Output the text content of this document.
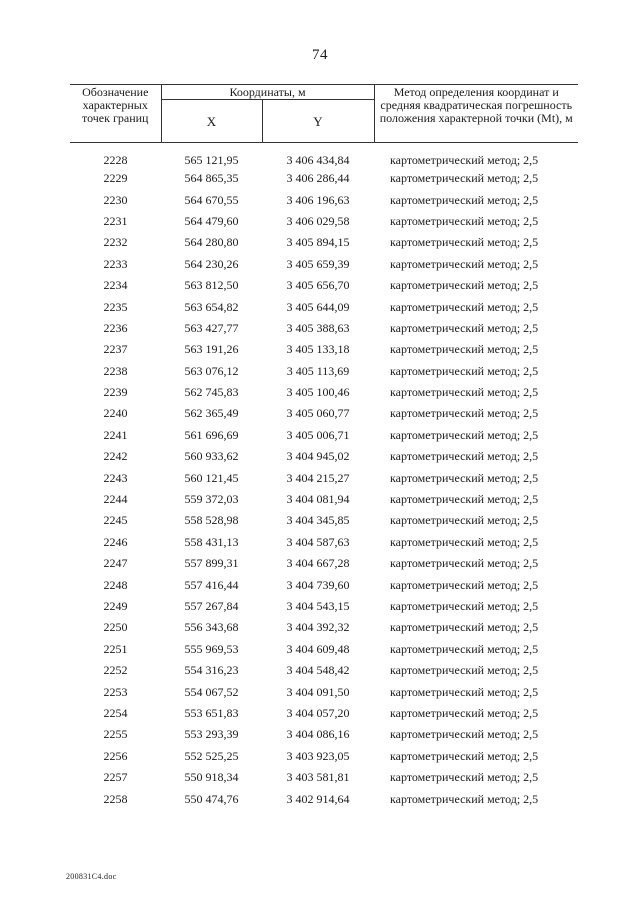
74
Обозначение характерных точек границ	Координаты, м		Метод определения координат и средняя квадратическая погрешность положения характерной точки (Mt), м
	X	Y	
2228	565 121,95	3 406 434,84	картометрический метод; 2,5
2229	564 865,35	3 406 286,44	картометрический метод; 2,5
2230	564 670,55	3 406 196,63	картометрический метод; 2,5
2231	564 479,60	3 406 029,58	картометрический метод; 2,5
2232	564 280,80	3 405 894,15	картометрический метод; 2,5
2233	564 230,26	3 405 659,39	картометрический метод; 2,5
2234	563 812,50	3 405 656,70	картометрический метод; 2,5
2235	563 654,82	3 405 644,09	картометрический метод; 2,5
2236	563 427,77	3 405 388,63	картометрический метод; 2,5
2237	563 191,26	3 405 133,18	картометрический метод; 2,5
2238	563 076,12	3 405 113,69	картометрический метод; 2,5
2239	562 745,83	3 405 100,46	картометрический метод; 2,5
2240	562 365,49	3 405 060,77	картометрический метод; 2,5
2241	561 696,69	3 405 006,71	картометрический метод; 2,5
2242	560 933,62	3 404 945,02	картометрический метод; 2,5
2243	560 121,45	3 404 215,27	картометрический метод; 2,5
2244	559 372,03	3 404 081,94	картометрический метод; 2,5
2245	558 528,98	3 404 345,85	картометрический метод; 2,5
2246	558 431,13	3 404 587,63	картометрический метод; 2,5
2247	557 899,31	3 404 667,28	картометрический метод; 2,5
2248	557 416,44	3 404 739,60	картометрический метод; 2,5
2249	557 267,84	3 404 543,15	картометрический метод; 2,5
2250	556 343,68	3 404 392,32	картометрический метод; 2,5
2251	555 969,53	3 404 609,48	картометрический метод; 2,5
2252	554 316,23	3 404 548,42	картометрический метод; 2,5
2253	554 067,52	3 404 091,50	картометрический метод; 2,5
2254	553 651,83	3 404 057,20	картометрический метод; 2,5
2255	553 293,39	3 404 086,16	картометрический метод; 2,5
2256	552 525,25	3 403 923,05	картометрический метод; 2,5
2257	550 918,34	3 403 581,81	картометрический метод; 2,5
2258	550 474,76	3 402 914,64	картометрический метод; 2,5
200831С4.doc
